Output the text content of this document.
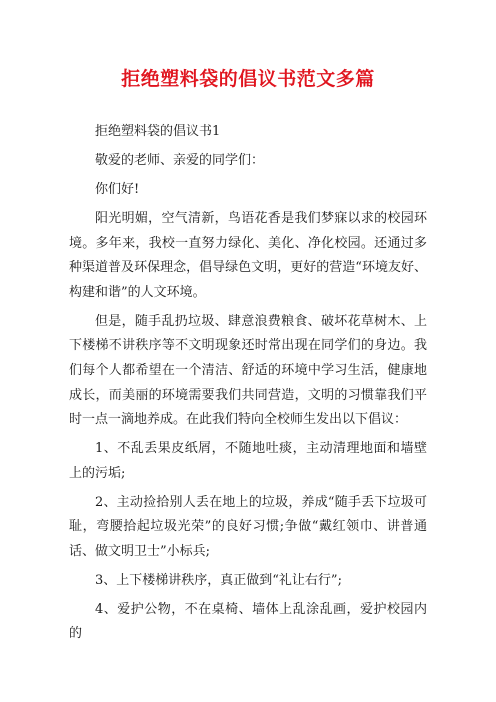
拒绝塑料袋的倡议书范文多篇

拒绝塑料袋的倡议书1

敬爱的老师、亲爱的同学们：

你们好!

阳光明媚，空气清新，鸟语花香是我们梦寐以求的校园环境。多年来，我校一直努力绿化、美化、净化校园。还通过多种渠道普及环保理念，倡导绿色文明，更好的营造“环境友好、构建和谐”的人文环境。

但是，随手乱扔垃圾、肆意浪费粮食、破坏花草树木、上下楼梯不讲秩序等不文明现象还时常出现在同学们的身边。我们每个人都希望在一个清洁、舒适的环境中学习生活，健康地成长，而美丽的环境需要我们共同营造，文明的习惯靠我们平时一点一滴地养成。在此我们特向全校师生发出以下倡议：

1、不乱丢果皮纸屑，不随地吐痰，主动清理地面和墙壁上的污垢;

2、主动捡拾别人丢在地上的垃圾，养成“随手丢下垃圾可耻，弯腰拾起垃圾光荣”的良好习惯;争做“戴红领巾、讲普通话、做文明卫士”小标兵;

3、上下楼梯讲秩序，真正做到“礼让右行”;

4、爱护公物，不在桌椅、墙体上乱涂乱画，爱护校园内的
